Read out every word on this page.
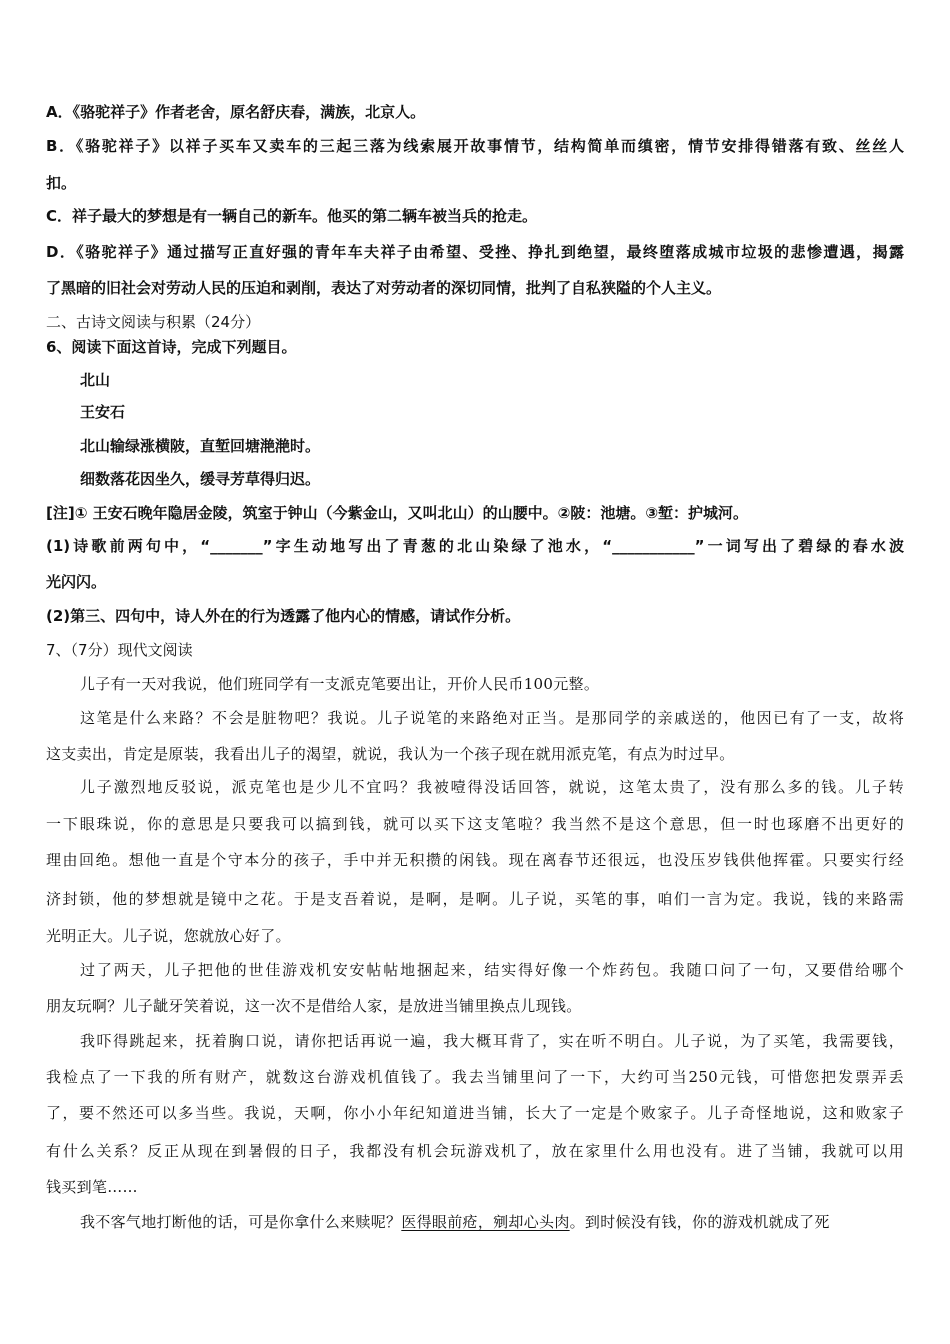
A．《骆驼祥子》作者老舍，原名舒庆春，满族，北京人。
B．《骆驼祥子》以祥子买车又卖车的三起三落为线索展开故事情节，结构简单而缜密，情节安排得错落有致、丝丝人
扣。
C．祥子最大的梦想是有一辆自己的新车。他买的第二辆车被当兵的抢走。
D．《骆驼祥子》通过描写正直好强的青年车夫祥子由希望、受挫、挣扎到绝望，最终堕落成城市垃圾的悲惨遭遇，揭露
了黑暗的旧社会对劳动人民的压迫和剥削，表达了对劳动者的深切同情，批判了自私狭隘的个人主义。
二、古诗文阅读与积累（24分）
6、阅读下面这首诗，完成下列题目。
北山
王安石
北山输绿涨横陂，直堑回塘滟滟时。
细数落花因坐久，缓寻芳草得归迟。
[注]① 王安石晚年隐居金陵，筑室于钟山（今紫金山，又叫北山）的山腰中。②陂：池塘。③堑：护城河。
(1)诗歌前两句中，“_______”字生动地写出了青葱的北山染绿了池水，“___________”一词写出了碧绿的春水波
光闪闪。
(2)第三、四句中，诗人外在的行为透露了他内心的情感，请试作分析。
7、（7分）现代文阅读
儿子有一天对我说，他们班同学有一支派克笔要出让，开价人民币100元整。
这笔是什么来路？不会是脏物吧？我说。儿子说笔的来路绝对正当。是那同学的亲戚送的，他因已有了一支，故将
这支卖出，肯定是原装，我看出儿子的渴望，就说，我认为一个孩子现在就用派克笔，有点为时过早。
儿子激烈地反驳说，派克笔也是少儿不宜吗？我被噎得没话回答，就说，这笔太贵了，没有那么多的钱。儿子转
一下眼珠说，你的意思是只要我可以搞到钱，就可以买下这支笔啦？我当然不是这个意思，但一时也琢磨不出更好的
理由回绝。想他一直是个守本分的孩子，手中并无积攒的闲钱。现在离春节还很远，也没压岁钱供他挥霍。只要实行经
济封锁，他的梦想就是镜中之花。于是支吾着说，是啊，是啊。儿子说，买笔的事，咱们一言为定。我说，钱的来路需
光明正大。儿子说，您就放心好了。
过了两天，儿子把他的世佳游戏机安安帖帖地捆起来，结实得好像一个炸药包。我随口问了一句，又要借给哪个
朋友玩啊？儿子龇牙笑着说，这一次不是借给人家，是放进当铺里换点儿现钱。
我吓得跳起来，抚着胸口说，请你把话再说一遍，我大概耳背了，实在听不明白。儿子说，为了买笔，我需要钱，
我检点了一下我的所有财产，就数这台游戏机值钱了。我去当铺里问了一下，大约可当250元钱，可惜您把发票弄丢
了，要不然还可以多当些。我说，天啊，你小小年纪知道进当铺，长大了一定是个败家子。儿子奇怪地说，这和败家子
有什么关系？反正从现在到暑假的日子，我都没有机会玩游戏机了，放在家里什么用也没有。进了当铺，我就可以用
钱买到笔……
我不客气地打断他的话，可是你拿什么来赎呢？医得眼前疮，剜却心头肉。到时候没有钱，你的游戏机就成了死
